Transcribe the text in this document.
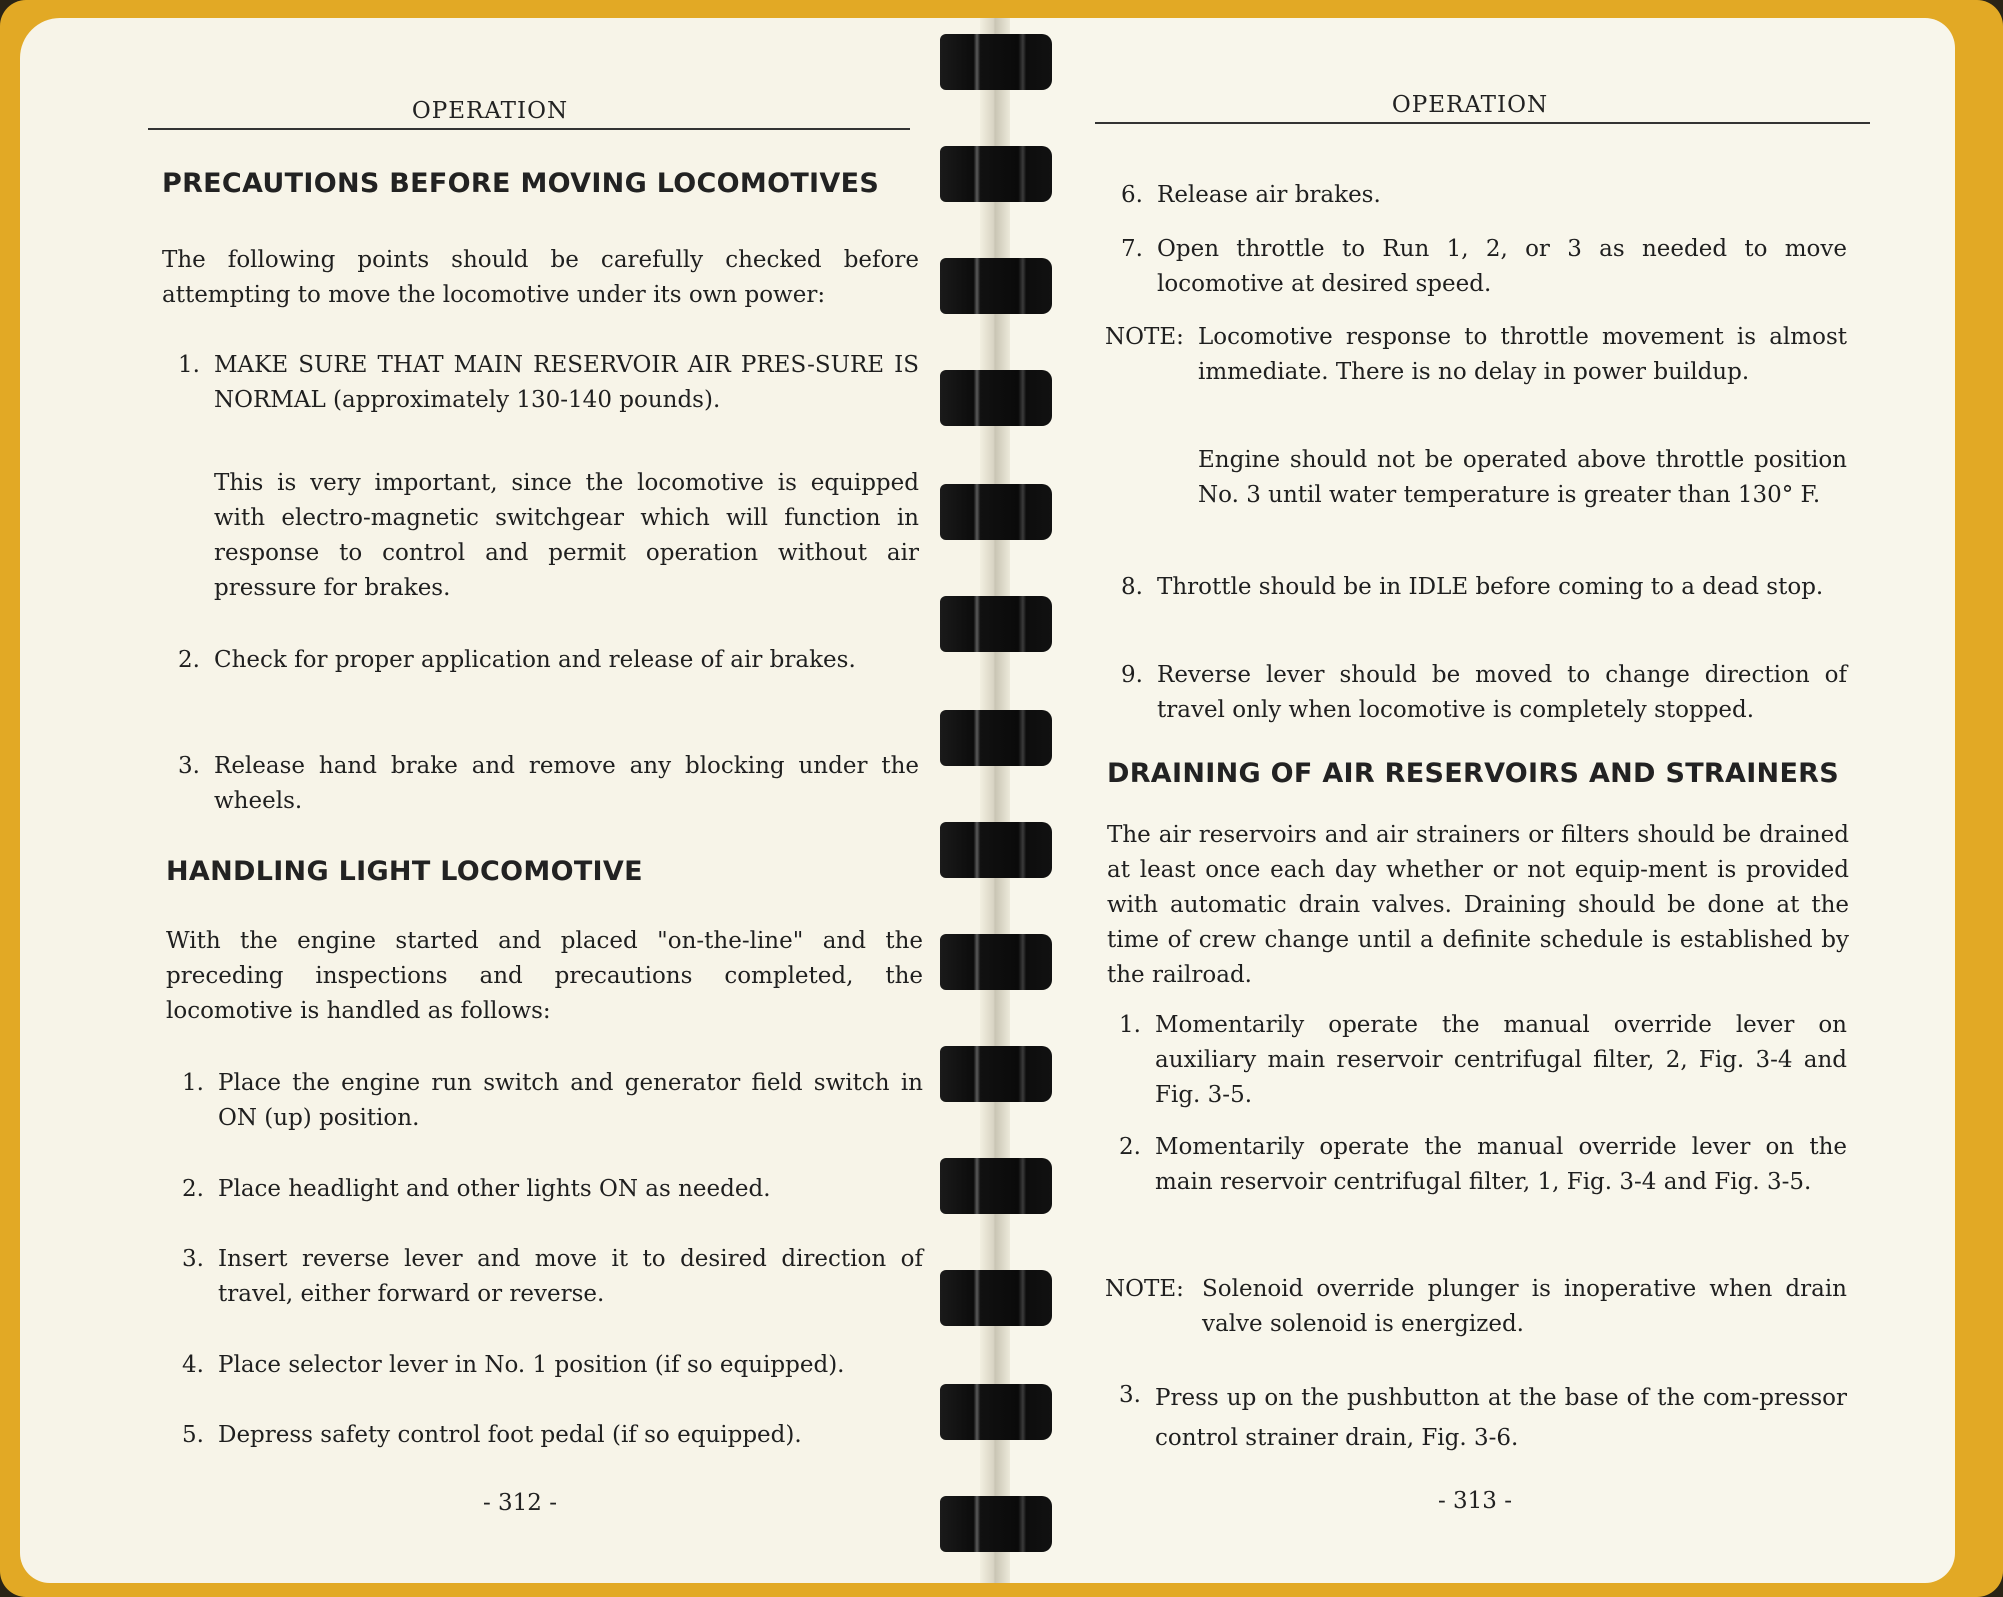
OPERATION
PRECAUTIONS BEFORE MOVING LOCOMOTIVES
The following points should be carefully checked before attempting to move the locomotive under its own power:
1. MAKE SURE THAT MAIN RESERVOIR AIR PRES-SURE IS NORMAL (approximately 130-140 pounds).
This is very important, since the locomotive is equipped with electro-magnetic switchgear which will function in response to control and permit operation without air pressure for brakes.
2. Check for proper application and release of air brakes.
3. Release hand brake and remove any blocking under the wheels.
HANDLING LIGHT LOCOMOTIVE
With the engine started and placed "on-the-line" and the preceding inspections and precautions completed, the locomotive is handled as follows:
1. Place the engine run switch and generator field switch in ON (up) position.
2. Place headlight and other lights ON as needed.
3. Insert reverse lever and move it to desired direction of travel, either forward or reverse.
4. Place selector lever in No. 1 position (if so equipped).
5. Depress safety control foot pedal (if so equipped).
- 312 -
OPERATION
6. Release air brakes.
7. Open throttle to Run 1, 2, or 3 as needed to move locomotive at desired speed.
NOTE: Locomotive response to throttle movement is almost immediate. There is no delay in power buildup.
Engine should not be operated above throttle position No. 3 until water temperature is greater than 130° F.
8. Throttle should be in IDLE before coming to a dead stop.
9. Reverse lever should be moved to change direction of travel only when locomotive is completely stopped.
DRAINING OF AIR RESERVOIRS AND STRAINERS
The air reservoirs and air strainers or filters should be drained at least once each day whether or not equip-ment is provided with automatic drain valves. Draining should be done at the time of crew change until a definite schedule is established by the railroad.
1. Momentarily operate the manual override lever on auxiliary main reservoir centrifugal filter, 2, Fig. 3-4 and Fig. 3-5.
2. Momentarily operate the manual override lever on the main reservoir centrifugal filter, 1, Fig. 3-4 and Fig. 3-5.
NOTE: Solenoid override plunger is inoperative when drain valve solenoid is energized.
3. Press up on the pushbutton at the base of the com-pressor control strainer drain, Fig. 3-6.
- 313 -
